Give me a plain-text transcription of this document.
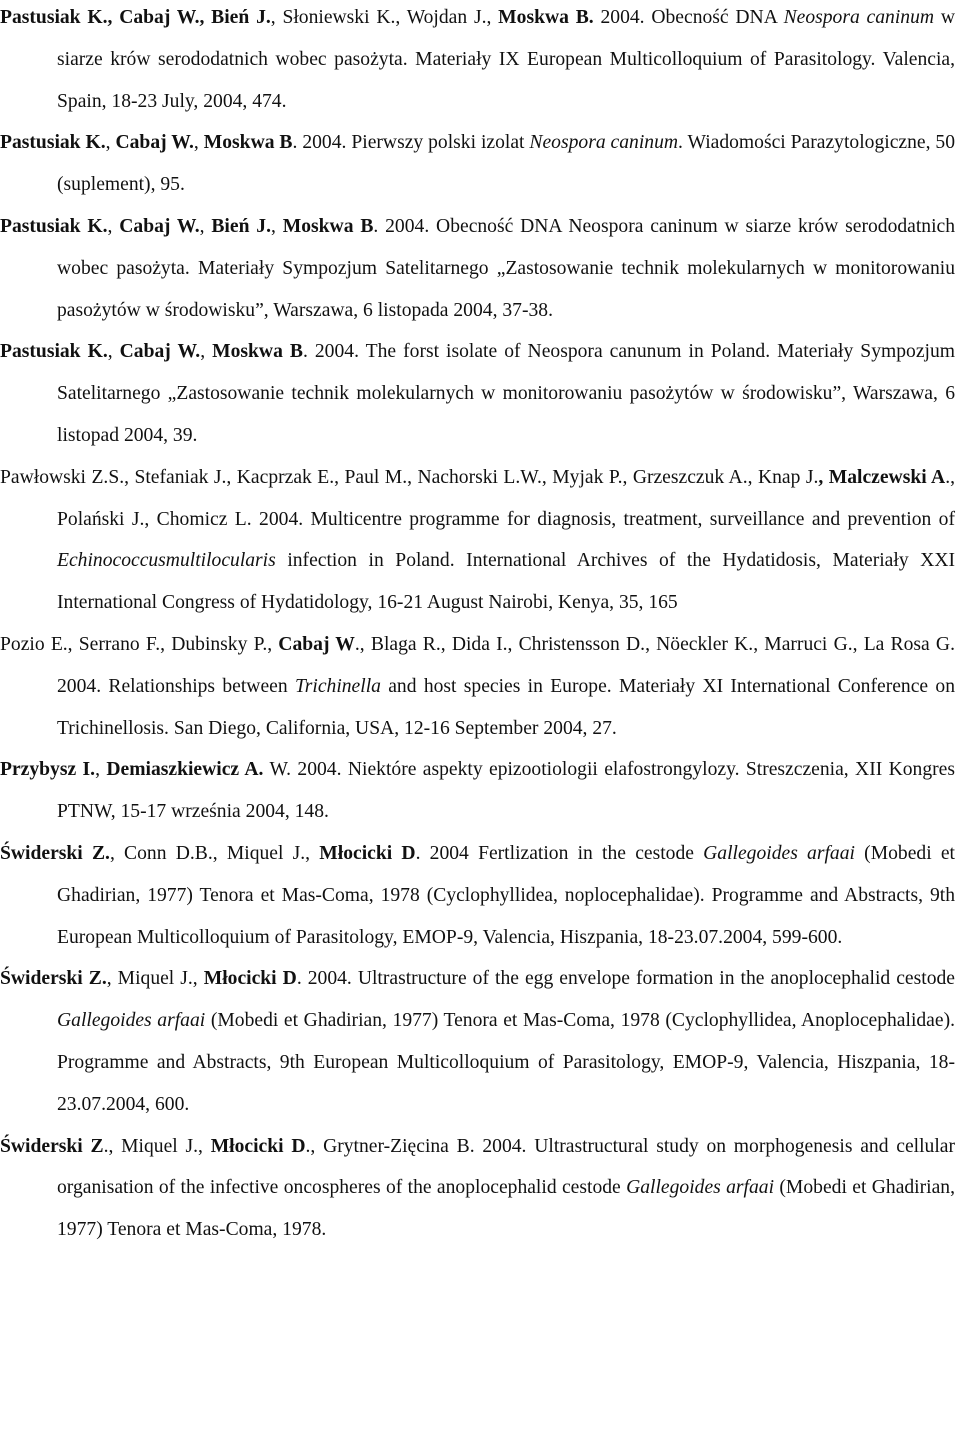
Pastusiak K., Cabaj W., Bień J., Słoniewski K., Wojdan J., Moskwa B. 2004. Obecność DNA Neospora caninum w siarze krów serododatnich wobec pasożyta. Materiały IX European Multicolloquium of Parasitology. Valencia, Spain, 18-23 July, 2004, 474.

Pastusiak K., Cabaj W., Moskwa B. 2004. Pierwszy polski izolat Neospora caninum. Wiadomości Parazytologiczne, 50 (suplement), 95.

Pastusiak K., Cabaj W., Bień J., Moskwa B. 2004. Obecność DNA Neospora caninum w siarze krów serododatnich wobec pasożyta. Materiały Sympozjum Satelitarnego „Zastosowanie technik molekularnych w monitorowaniu pasożytów w środowisku”, Warszawa, 6 listopada 2004, 37-38.

Pastusiak K., Cabaj W., Moskwa B. 2004. The forst isolate of Neospora canunum in Poland. Materiały Sympozjum Satelitarnego „Zastosowanie technik molekularnych w monitorowaniu pasożytów w środowisku”, Warszawa, 6 listopad 2004, 39.

Pawłowski Z.S., Stefaniak J., Kacprzak E., Paul M., Nachorski L.W., Myjak P., Grzeszczuk A., Knap J., Malczewski A., Polański J., Chomicz L. 2004. Multicentre programme for diagnosis, treatment, surveillance and prevention of Echinococcusmultilocularis infection in Poland. International Archives of the Hydatidosis, Materiały XXI International Congress of Hydatidology, 16-21 August Nairobi, Kenya, 35, 165

Pozio E., Serrano F., Dubinsky P., Cabaj W., Blaga R., Dida I., Christensson D., Nöeckler K., Marruci G., La Rosa G. 2004. Relationships between Trichinella and host species in Europe. Materiały XI International Conference on Trichinellosis. San Diego, California, USA, 12-16 September 2004, 27.

Przybysz I., Demiaszkiewicz A. W. 2004. Niektóre aspekty epizootiologii elafostrongylozy. Streszczenia, XII Kongres PTNW, 15-17 września 2004, 148.

Świderski Z., Conn D.B., Miquel J., Młocicki D. 2004 Fertlization in the cestode Gallegoides arfaai (Mobedi et Ghadirian, 1977) Tenora et Mas-Coma, 1978 (Cyclophyllidea, noplocephalidae). Programme and Abstracts, 9th European Multicolloquium of Parasitology, EMOP-9, Valencia, Hiszpania, 18-23.07.2004, 599-600.

Świderski Z., Miquel J., Młocicki D. 2004. Ultrastructure of the egg envelope formation in the anoplocephalid cestode Gallegoides arfaai (Mobedi et Ghadirian, 1977) Tenora et Mas-Coma, 1978 (Cyclophyllidea, Anoplocephalidae). Programme and Abstracts, 9th European Multicolloquium of Parasitology, EMOP-9, Valencia, Hiszpania, 18-23.07.2004, 600.

Świderski Z., Miquel J., Młocicki D., Grytner-Zięcina B. 2004. Ultrastructural study on morphogenesis and cellular organisation of the infective oncospheres of the anoplocephalid cestode Gallegoides arfaai (Mobedi et Ghadirian, 1977) Tenora et Mas-Coma, 1978.
